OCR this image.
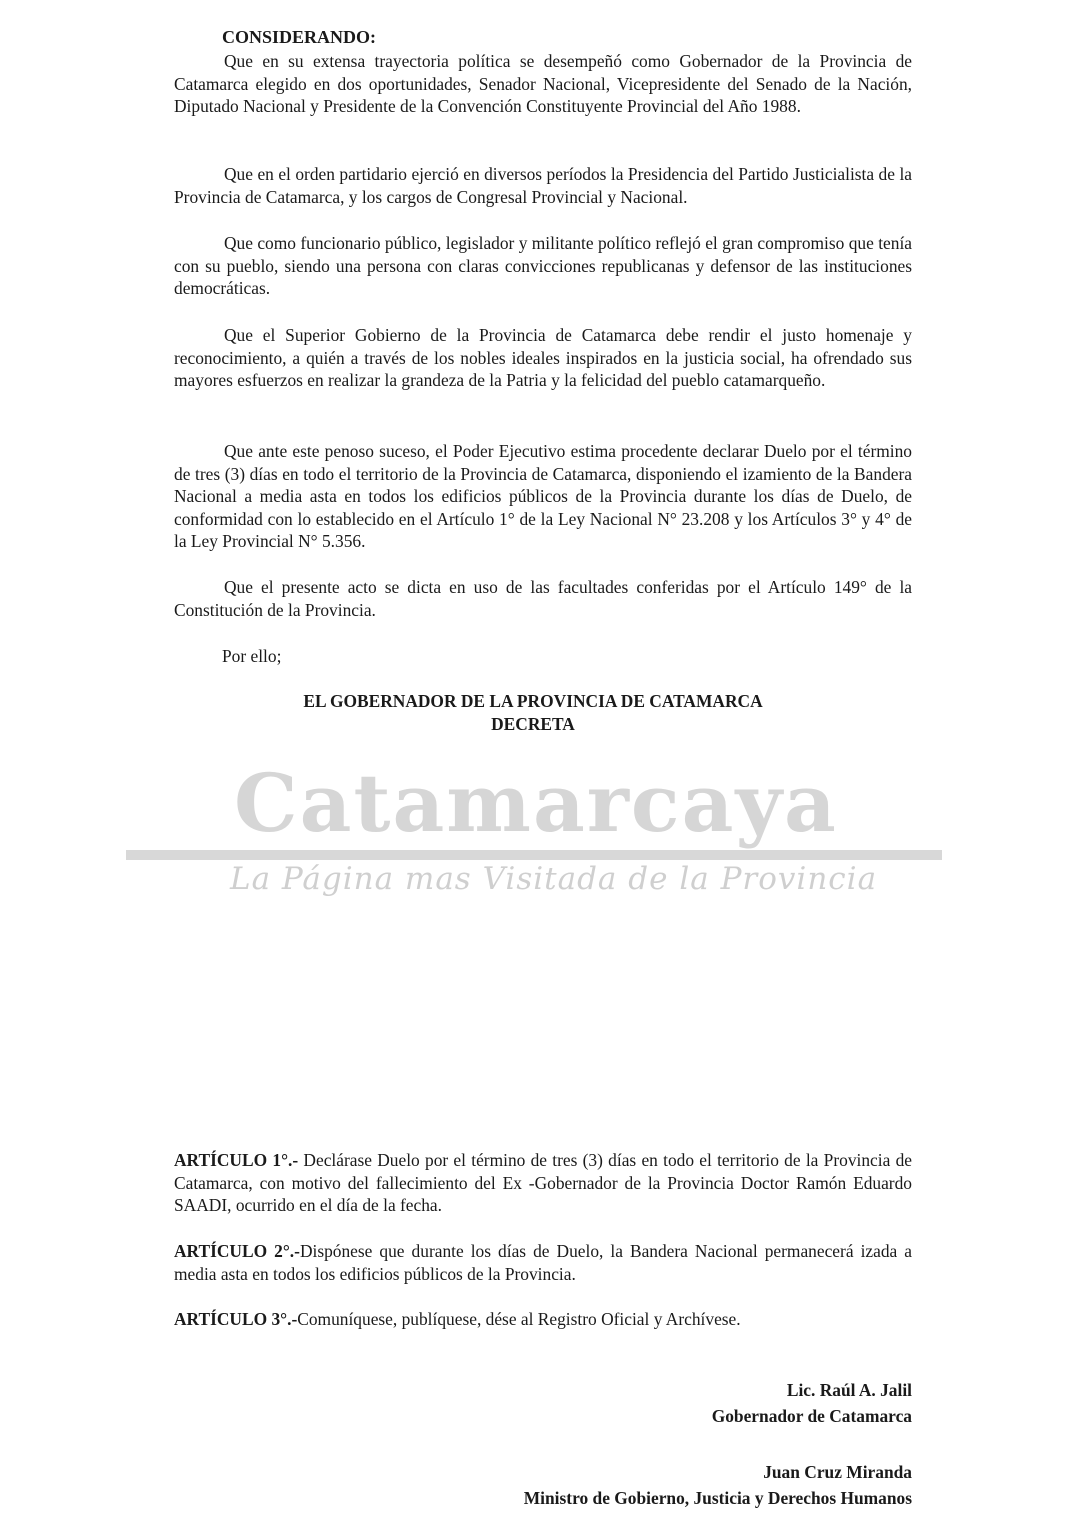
CONSIDERANDO:

Que en su extensa trayectoria política se desempeñó como Gobernador de la Provincia de Catamarca elegido en dos oportunidades, Senador Nacional, Vicepresidente del Senado de la Nación, Diputado Nacional y Presidente de la Convención Constituyente Provincial del Año 1988.

Que en el orden partidario ejerció en diversos períodos la Presidencia del Partido Justicialista de la Provincia de Catamarca, y los cargos de Congresal Provincial y Nacional.

Que como funcionario público, legislador y militante político reflejó el gran compromiso que tenía con su pueblo, siendo una persona con claras convicciones republicanas y defensor de las instituciones democráticas.

Que el Superior Gobierno de la Provincia de Catamarca debe rendir el justo homenaje y reconocimiento, a quién a través de los nobles ideales inspirados en la justicia social, ha ofrendado sus mayores esfuerzos en realizar la grandeza de la Patria y la felicidad del pueblo catamarqueño.

Que ante este penoso suceso, el Poder Ejecutivo estima procedente declarar Duelo por el término de tres (3) días en todo el territorio de la Provincia de Catamarca, disponiendo el izamiento de la Bandera Nacional a media asta en todos los edificios públicos de la Provincia durante los días de Duelo, de conformidad con lo establecido en el Artículo 1° de la Ley Nacional N° 23.208 y los Artículos 3° y 4° de la Ley Provincial N° 5.356.

Que el presente acto se dicta en uso de las facultades conferidas por el Artículo 149° de la Constitución de la Provincia.

Por ello;
EL GOBERNADOR DE LA PROVINCIA DE CATAMARCA
DECRETA
Catamarcaya
La Página mas Visitada de la Provincia

ARTÍCULO 1°.- Declárase Duelo por el término de tres (3) días en todo el territorio de la Provincia de Catamarca, con motivo del fallecimiento del Ex -Gobernador de la Provincia Doctor Ramón Eduardo SAADI, ocurrido en el día de la fecha.

ARTÍCULO 2°.-Dispónese que durante los días de Duelo, la Bandera Nacional permanecerá izada a media asta en todos los edificios públicos de la Provincia.

ARTÍCULO 3°.-Comuníquese, publíquese, dése al Registro Oficial y Archívese.

Lic. Raúl A. Jalil
Gobernador de Catamarca
Juan Cruz Miranda
Ministro de Gobierno, Justicia y Derechos Humanos
